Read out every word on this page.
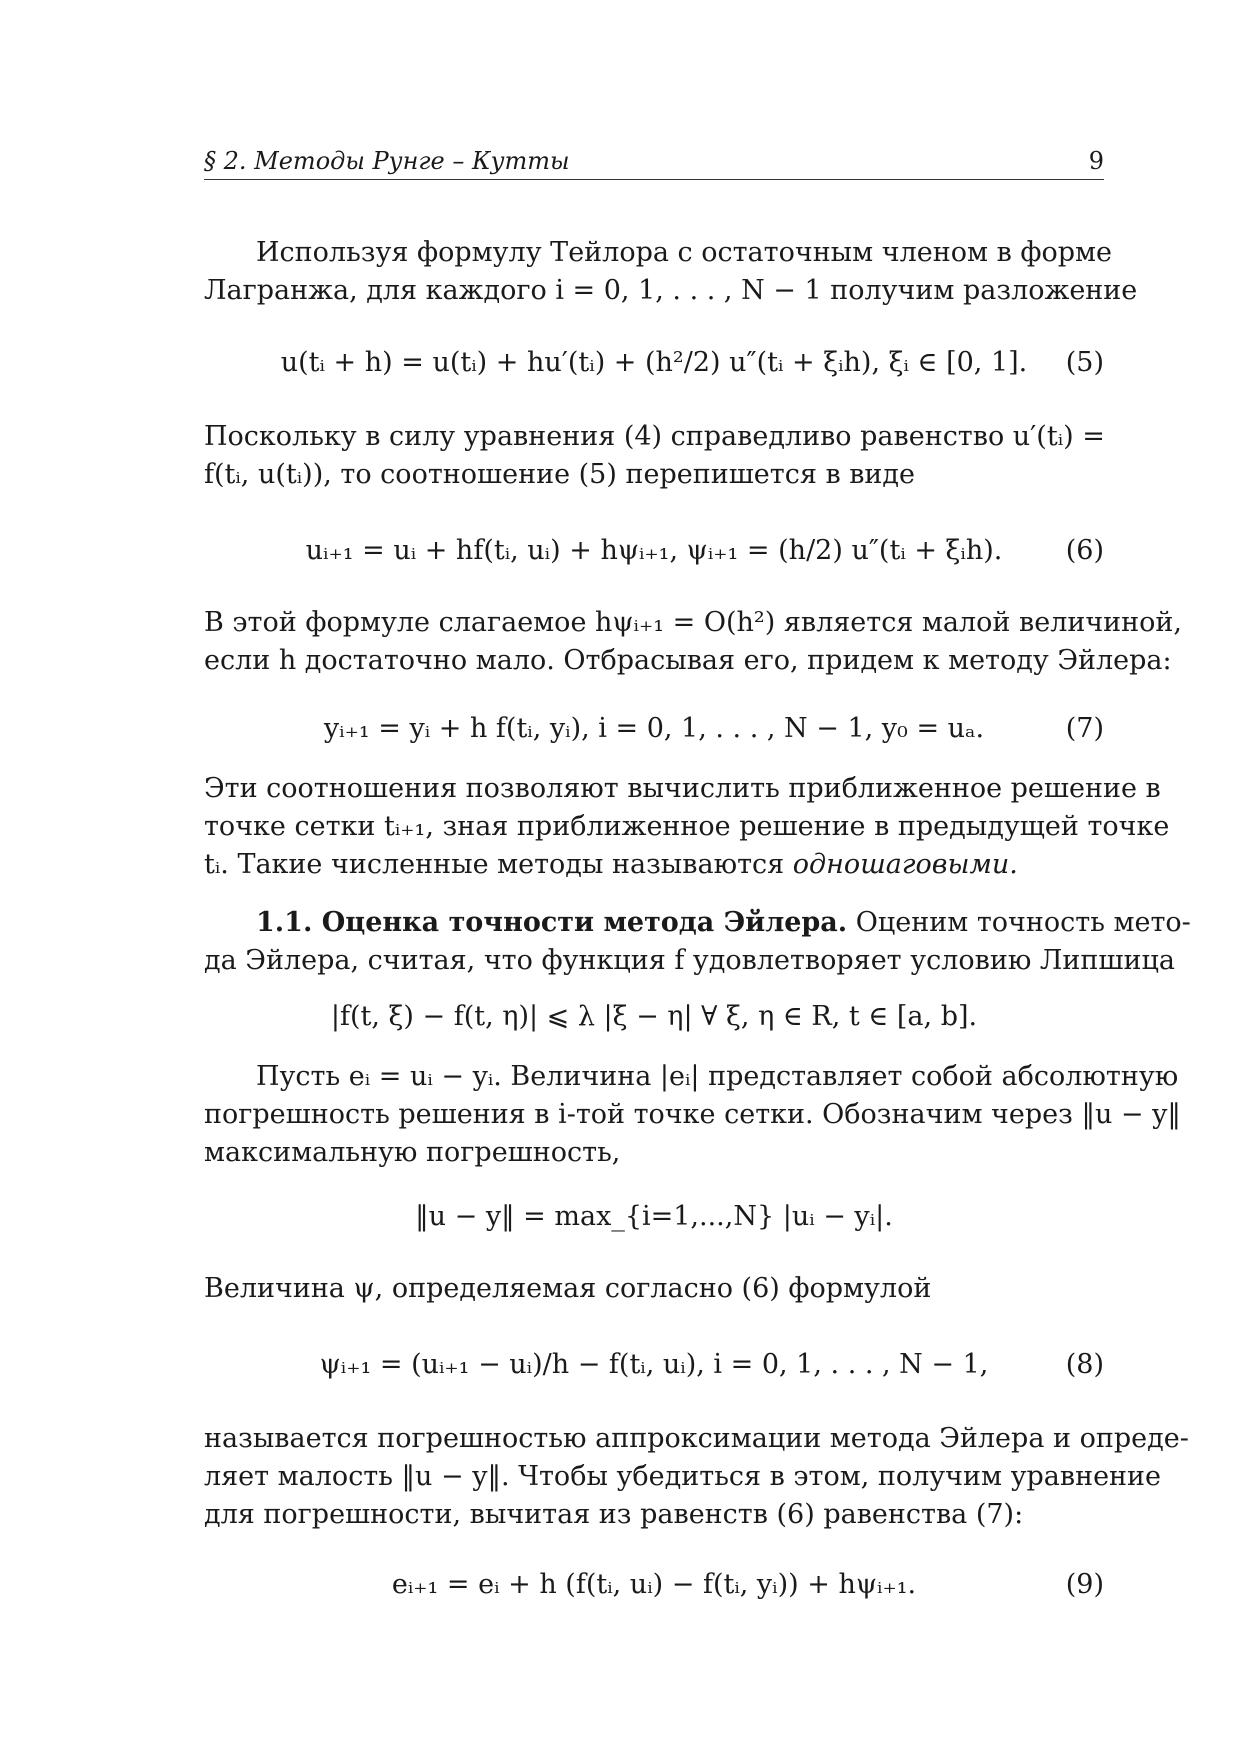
§ 2. Методы Рунге – Кутты	9
Используя формулу Тейлора с остаточным членом в форме
Лагранжа, для каждого i = 0, 1, . . . , N − 1 получим разложение
u(tᵢ + h) = u(tᵢ) + hu′(tᵢ) + (h²/2) u″(tᵢ + ξᵢh), ξᵢ ∈ [0, 1]. (5)
Поскольку в силу уравнения (4) справедливо равенство u′(tᵢ) =
f(tᵢ, u(tᵢ)), то соотношение (5) перепишется в виде
uᵢ₊₁ = uᵢ + hf(tᵢ, uᵢ) + hψᵢ₊₁, ψᵢ₊₁ = (h/2) u″(tᵢ + ξᵢh). (6)
В этой формуле слагаемое hψᵢ₊₁ = O(h²) является малой величиной,
если h достаточно мало. Отбрасывая его, придем к методу Эйлера:
yᵢ₊₁ = yᵢ + h f(tᵢ, yᵢ), i = 0, 1, . . . , N − 1, y₀ = uₐ.	(7)
Эти соотношения позволяют вычислить приближенное решение в
точке сетки tᵢ₊₁, зная приближенное решение в предыдущей точке
tᵢ. Такие численные методы называются одношаговыми.
1.1. Оценка точности метода Эйлера. Оценим точность мето-
да Эйлера, считая, что функция f удовлетворяет условию Липшица
|f(t, ξ) − f(t, η)| ⩽ λ |ξ − η| ∀ ξ, η ∈ R, t ∈ [a, b].
Пусть eᵢ = uᵢ − yᵢ. Величина |eᵢ| представляет собой абсолютную
погрешность решения в i-той точке сетки. Обозначим через ‖u − y‖
максимальную погрешность,
‖u − y‖ = max_{i=1,...,N} |uᵢ − yᵢ|.
Величина ψ, определяемая согласно (6) формулой
ψᵢ₊₁ = (uᵢ₊₁ − uᵢ)/h − f(tᵢ, uᵢ), i = 0, 1, . . . , N − 1,	(8)
называется погрешностью аппроксимации метода Эйлера и опреде-
ляет малость ‖u − y‖. Чтобы убедиться в этом, получим уравнение
для погрешности, вычитая из равенств (6) равенства (7):
eᵢ₊₁ = eᵢ + h (f(tᵢ, uᵢ) − f(tᵢ, yᵢ)) + hψᵢ₊₁.	(9)
